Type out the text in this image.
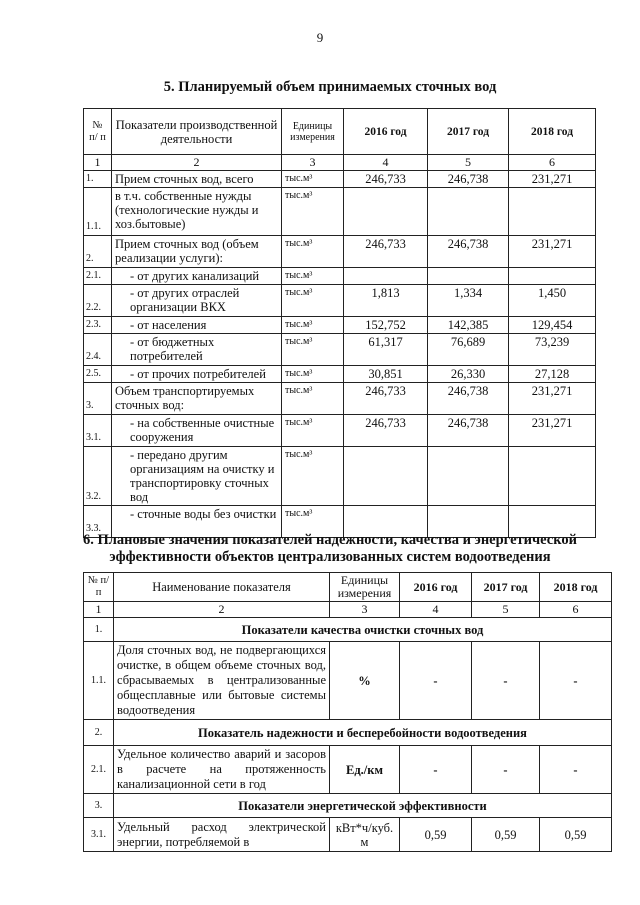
9
5. Планируемый объем принимаемых сточных вод
№ п/ п	Показатели производственной деятельности	Единицы измерения	2016 год	2017 год	2018 год
1	2	3	4	5	6
1.	Прием сточных вод, всего	тыс.м³	246,733	246,738	231,271
1.1.	в т.ч. собственные нужды (технологические нужды и хоз.бытовые)	тыс.м³			
2.	Прием сточных вод (объем реализации услуги):	тыс.м³	246,733	246,738	231,271
2.1.	- от других канализаций	тыс.м³			
2.2.	- от других отраслей организации ВКХ	тыс.м³	1,813	1,334	1,450
2.3.	- от населения	тыс.м³	152,752	142,385	129,454
2.4.	- от бюджетных потребителей	тыс.м³	61,317	76,689	73,239
2.5.	- от прочих потребителей	тыс.м³	30,851	26,330	27,128
3.	Объем транспортируемых сточных вод:	тыс.м³	246,733	246,738	231,271
3.1.	- на собственные очистные сооружения	тыс.м³	246,733	246,738	231,271
3.2.	- передано другим организациям на очистку и транспортировку сточных вод	тыс.м³			
3.3.	- сточные воды без очистки	тыс.м³			
6. Плановые значения показателей надежности, качества и энергетической
эффективности объектов централизованных систем водоотведения
№ п/п	Наименование показателя	Единицы измерения	2016 год	2017 год	2018 год
1	2	3	4	5	6
1.	Показатели качества очистки сточных вод				
1.1.	Доля сточных вод, не подвергающихся очистке, в общем объеме сточных вод, сбрасываемых в централизованные общесплавные или бытовые системы водоотведения	%	-	-	-
2.	Показатель надежности и бесперебойности водоотведения				
2.1.	Удельное количество аварий и засоров в расчете на протяженность канализационной сети в год	Ед./км	-	-	-
3.	Показатели энергетической эффективности				
3.1.	Удельный расход электрической энергии, потребляемой в	кВт*ч/куб. м	0,59	0,59	0,59
